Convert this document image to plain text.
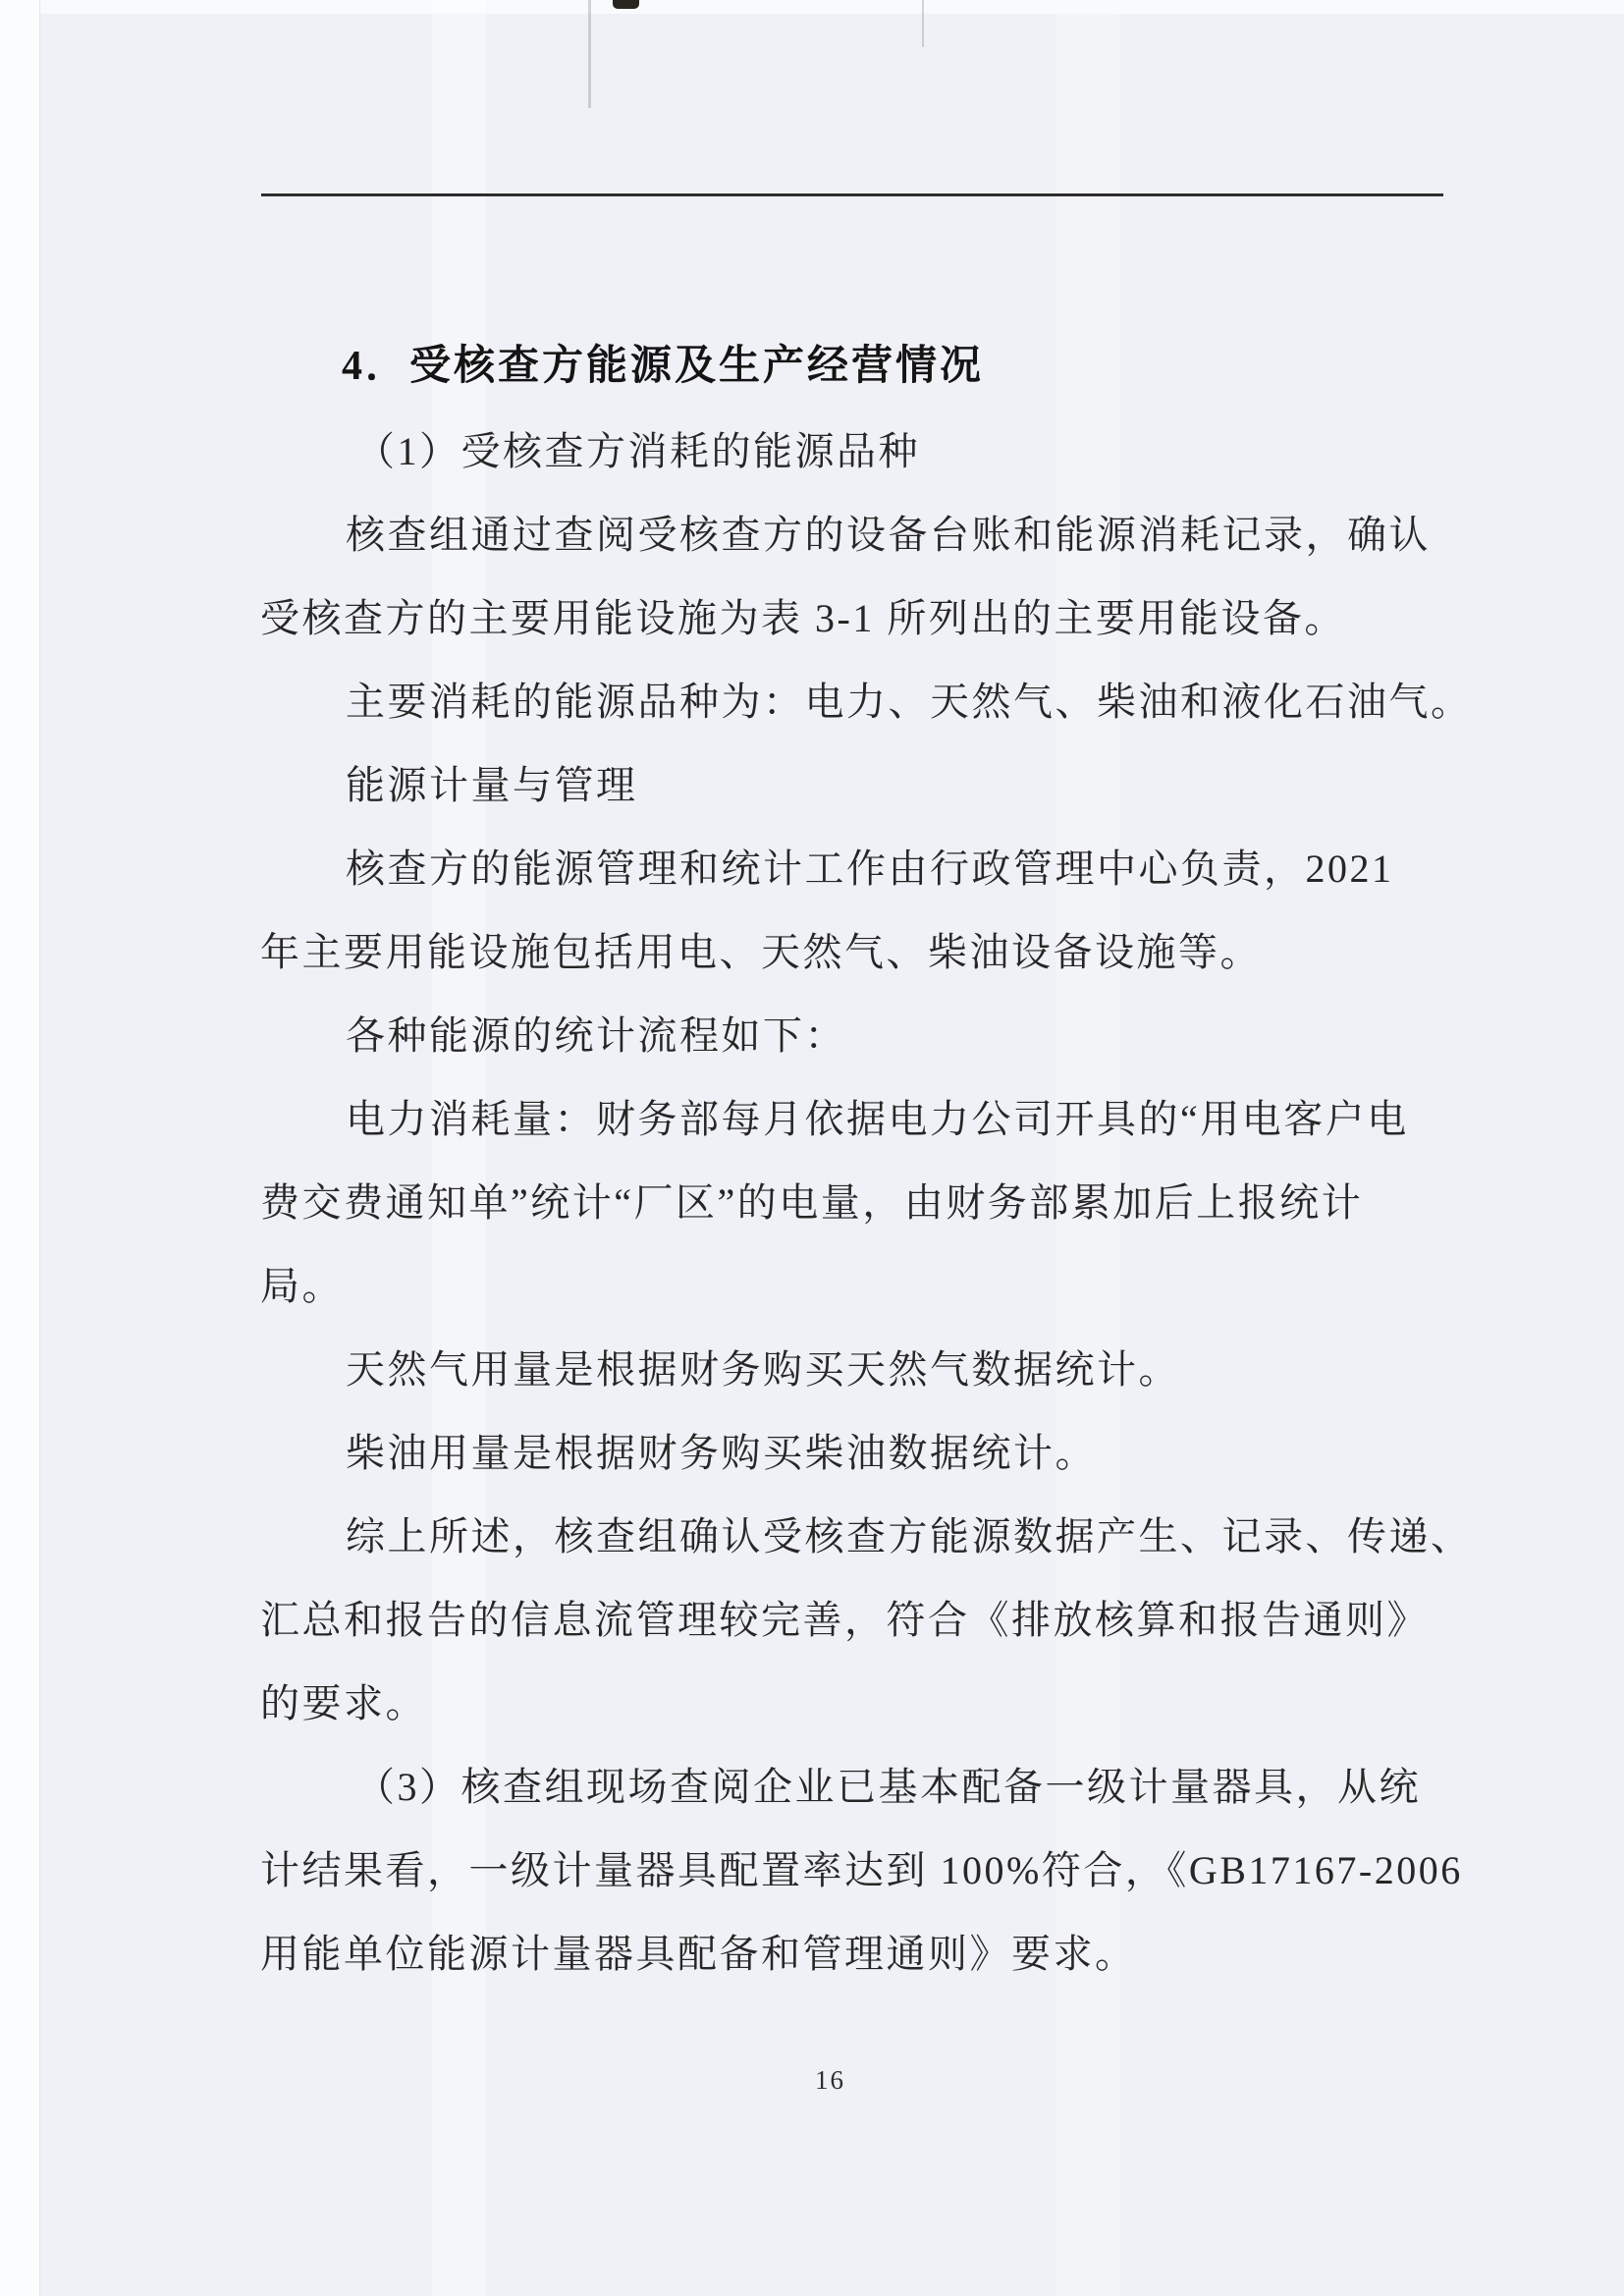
4．受核查方能源及生产经营情况
（1）受核查方消耗的能源品种
核查组通过查阅受核查方的设备台账和能源消耗记录，确认
受核查方的主要用能设施为表 3-1 所列出的主要用能设备。
主要消耗的能源品种为：电力、天然气、柴油和液化石油气。
能源计量与管理
核查方的能源管理和统计工作由行政管理中心负责，2021
年主要用能设施包括用电、天然气、柴油设备设施等。
各种能源的统计流程如下：
电力消耗量：财务部每月依据电力公司开具的“用电客户电
费交费通知单”统计“厂区”的电量，由财务部累加后上报统计
局。
天然气用量是根据财务购买天然气数据统计。
柴油用量是根据财务购买柴油数据统计。
综上所述，核查组确认受核查方能源数据产生、记录、传递、
汇总和报告的信息流管理较完善，符合《排放核算和报告通则》
的要求。
（3）核查组现场查阅企业已基本配备一级计量器具，从统
计结果看，一级计量器具配置率达到 100%符合，《GB17167-2006
用能单位能源计量器具配备和管理通则》要求。
16
